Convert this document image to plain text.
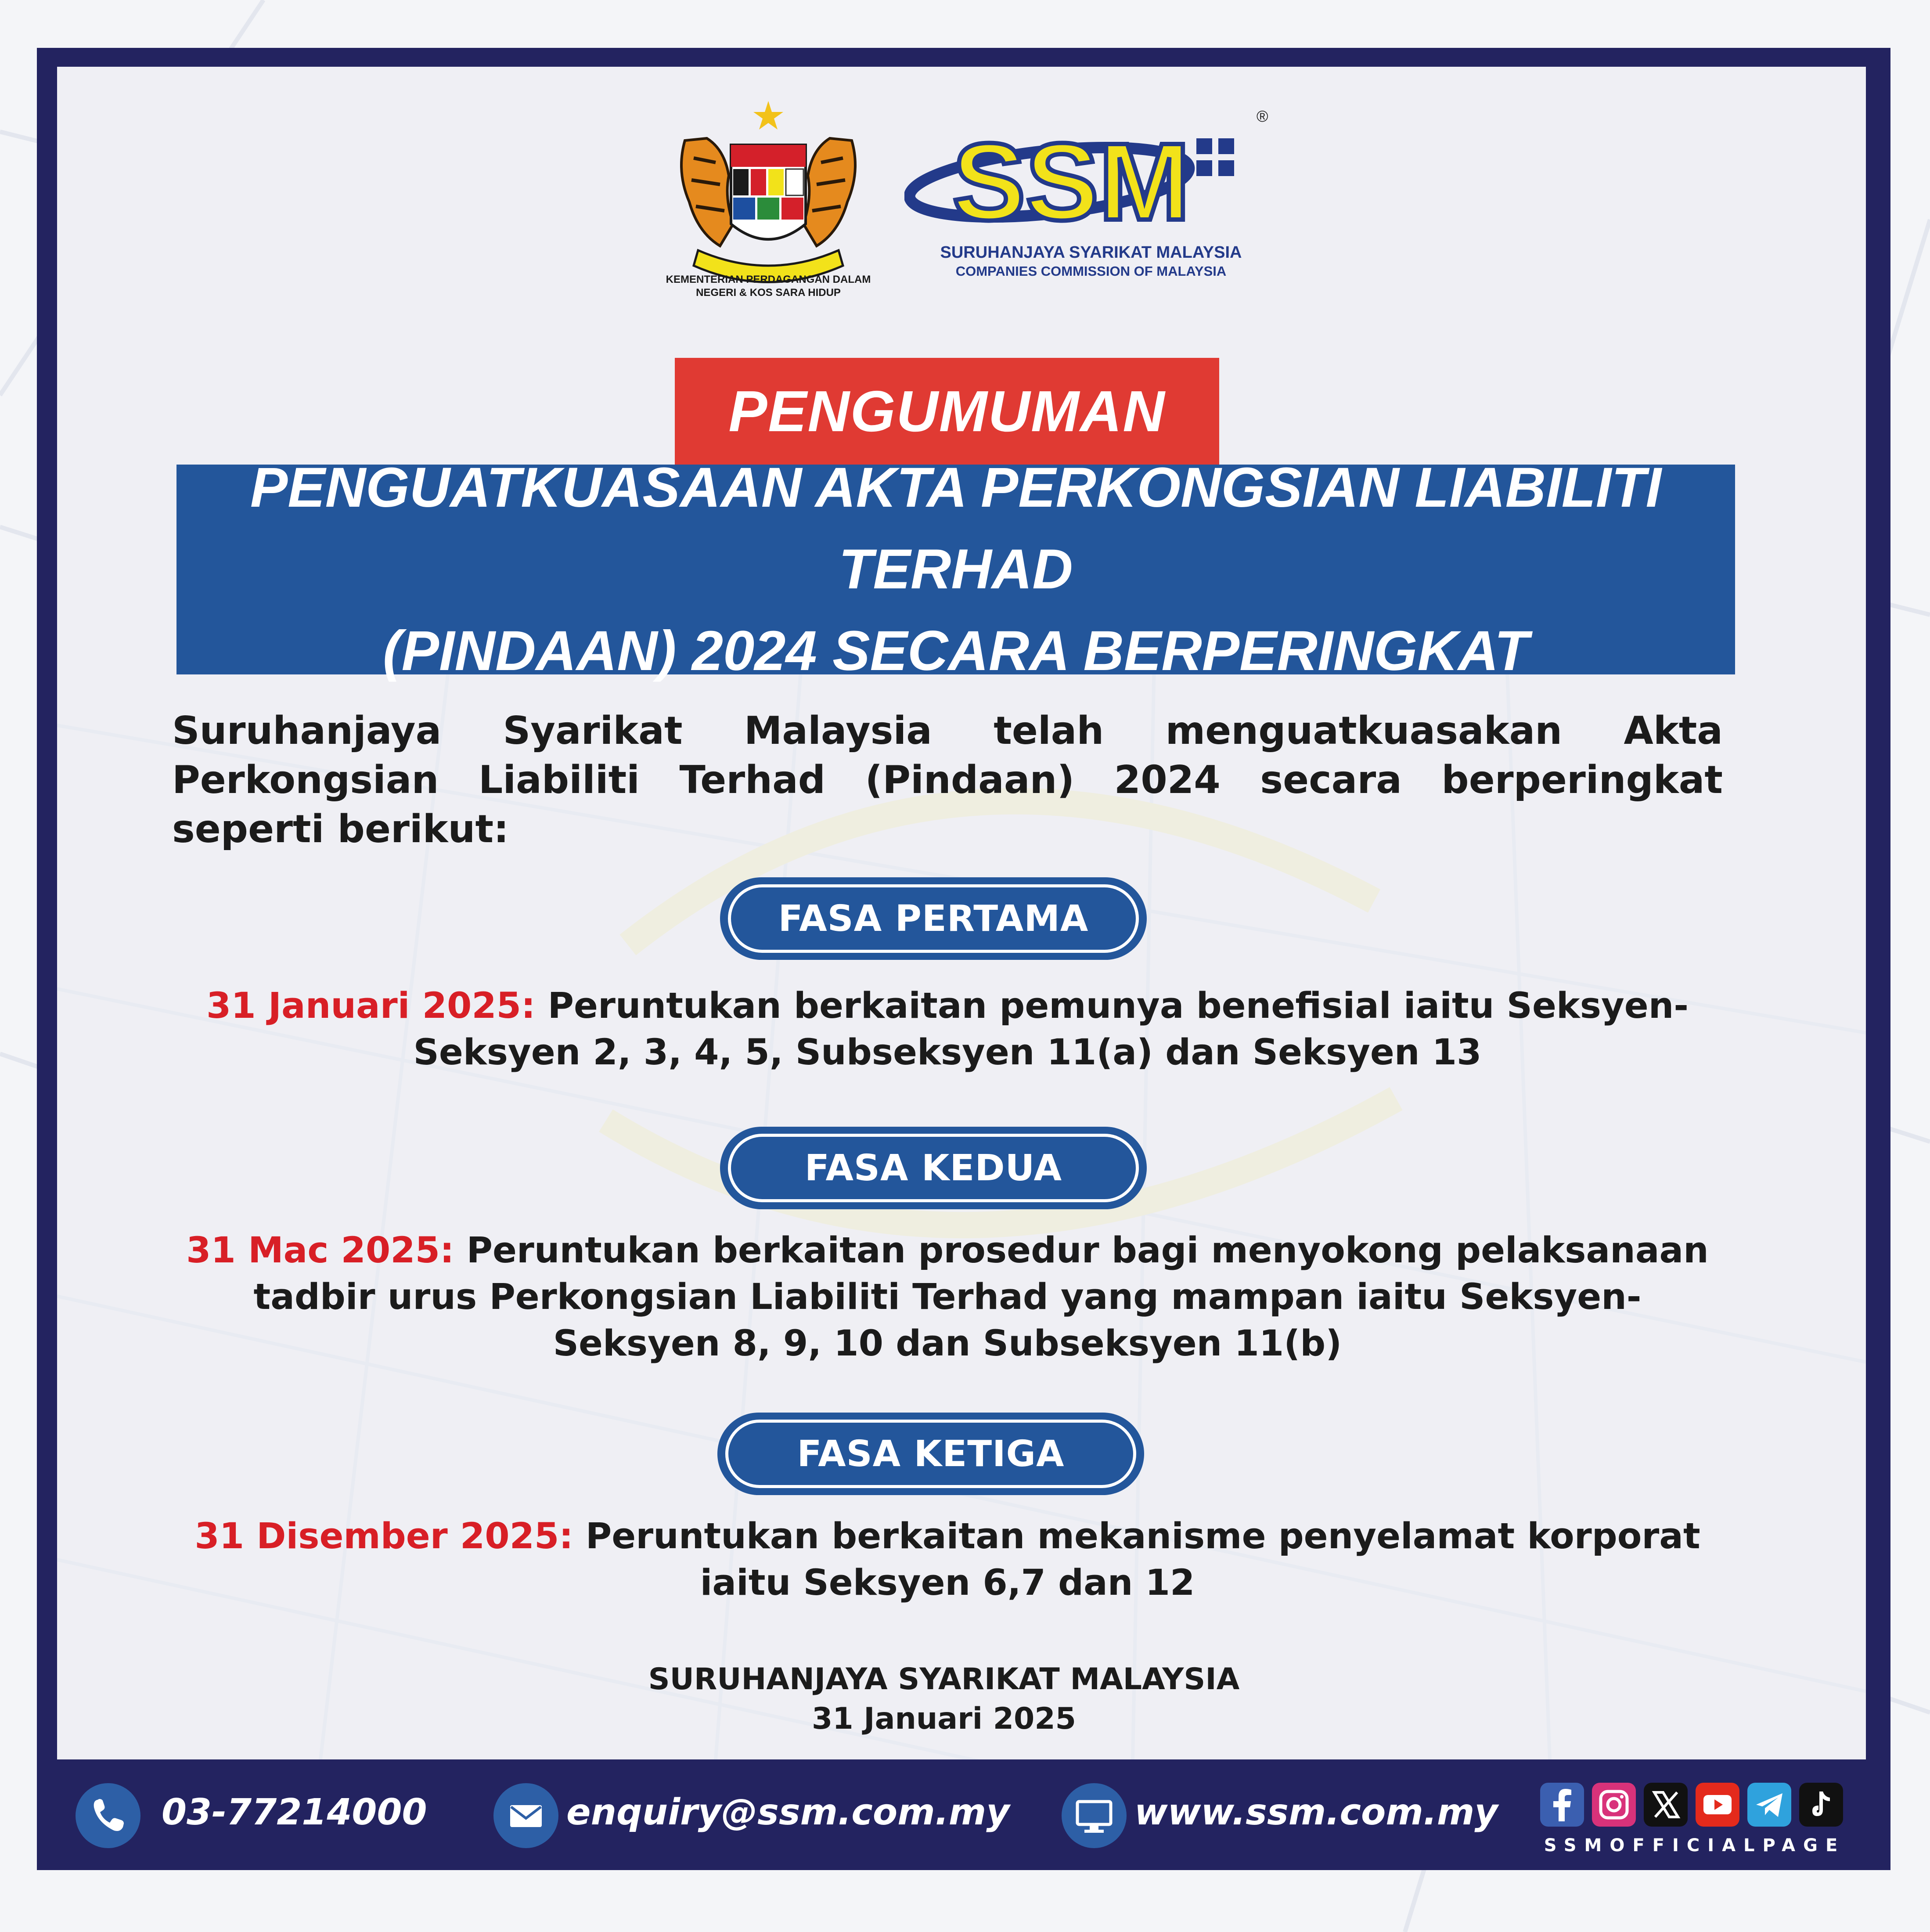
KEMENTERIAN PERDAGANGAN DALAM
NEGERI & KOS SARA HIDUP
SSM
®
SURUHANJAYA SYARIKAT MALAYSIA
COMPANIES COMMISSION OF MALAYSIA
PENGUMUMAN
PENGUATKUASAAN AKTA PERKONGSIAN LIABILITI TERHAD
(PINDAAN) 2024 SECARA BERPERINGKAT
Suruhanjaya Syarikat Malaysia telah menguatkuasakan Akta Perkongsian Liabiliti Terhad (Pindaan) 2024 secara berperingkat seperti berikut:
FASA PERTAMA
31 Januari 2025: Peruntukan berkaitan pemunya benefisial iaitu Seksyen-Seksyen 2, 3, 4, 5, Subseksyen 11(a) dan Seksyen 13
FASA KEDUA
31 Mac 2025: Peruntukan berkaitan prosedur bagi menyokong pelaksanaan tadbir urus Perkongsian Liabiliti Terhad yang mampan iaitu Seksyen-Seksyen 8, 9, 10 dan Subseksyen 11(b)
FASA KETIGA
31 Disember 2025: Peruntukan berkaitan mekanisme penyelamat korporat iaitu Seksyen 6,7 dan 12
SURUHANJAYA SYARIKAT MALAYSIA
31 Januari 2025
03-77214000	enquiry@ssm.com.my	www.ssm.com.my
SSMOFFICIALPAGE
